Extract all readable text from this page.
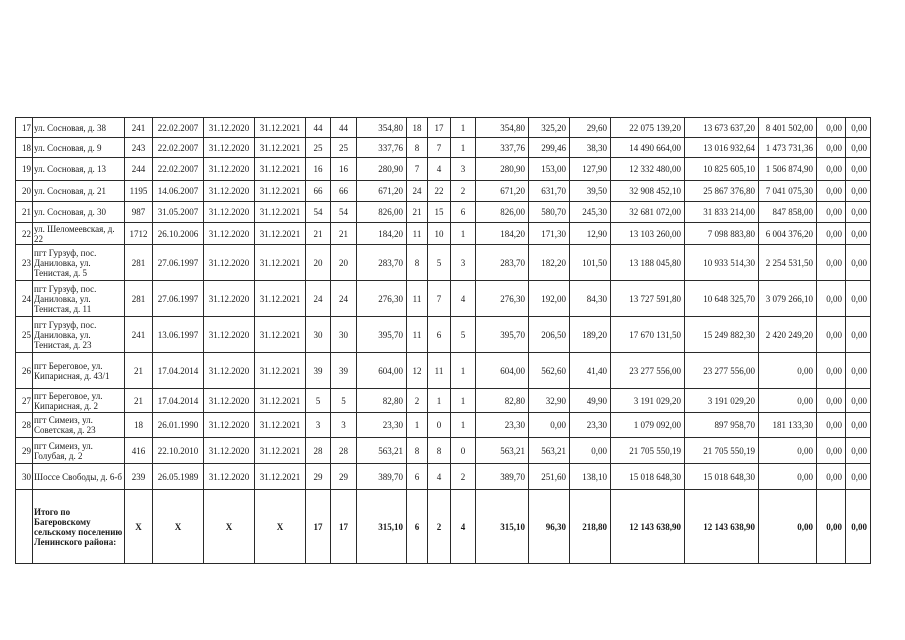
17	ул. Сосновая, д. 38	241	22.02.2007	31.12.2020	31.12.2021	44	44	354,80	18	17	1	354,80	325,20	29,60	22 075 139,20	13 673 637,20	8 401 502,00	0,00	0,00
18	ул. Сосновая, д. 9	243	22.02.2007	31.12.2020	31.12.2021	25	25	337,76	8	7	1	337,76	299,46	38,30	14 490 664,00	13 016 932,64	1 473 731,36	0,00	0,00
19	ул. Сосновая, д. 13	244	22.02.2007	31.12.2020	31.12.2021	16	16	280,90	7	4	3	280,90	153,00	127,90	12 332 480,00	10 825 605,10	1 506 874,90	0,00	0,00
20	ул. Сосновая, д. 21	1195	14.06.2007	31.12.2020	31.12.2021	66	66	671,20	24	22	2	671,20	631,70	39,50	32 908 452,10	25 867 376,80	7 041 075,30	0,00	0,00
21	ул. Сосновая, д. 30	987	31.05.2007	31.12.2020	31.12.2021	54	54	826,00	21	15	6	826,00	580,70	245,30	32 681 072,00	31 833 214,00	847 858,00	0,00	0,00
22	ул. Шеломеевская, д. 22	1712	26.10.2006	31.12.2020	31.12.2021	21	21	184,20	11	10	1	184,20	171,30	12,90	13 103 260,00	7 098 883,80	6 004 376,20	0,00	0,00
23	пгт Гурзуф, пос. Даниловка, ул. Тенистая, д. 5	281	27.06.1997	31.12.2020	31.12.2021	20	20	283,70	8	5	3	283,70	182,20	101,50	13 188 045,80	10 933 514,30	2 254 531,50	0,00	0,00
24	пгт Гурзуф, пос. Даниловка, ул. Тенистая, д. 11	281	27.06.1997	31.12.2020	31.12.2021	24	24	276,30	11	7	4	276,30	192,00	84,30	13 727 591,80	10 648 325,70	3 079 266,10	0,00	0,00
25	пгт Гурзуф, пос. Даниловка, ул. Тенистая, д. 23	241	13.06.1997	31.12.2020	31.12.2021	30	30	395,70	11	6	5	395,70	206,50	189,20	17 670 131,50	15 249 882,30	2 420 249,20	0,00	0,00
26	пгт Береговое, ул. Кипарисная, д. 43/1	21	17.04.2014	31.12.2020	31.12.2021	39	39	604,00	12	11	1	604,00	562,60	41,40	23 277 556,00	23 277 556,00	0,00	0,00	0,00
27	пгт Береговое, ул. Кипарисная, д. 2	21	17.04.2014	31.12.2020	31.12.2021	5	5	82,80	2	1	1	82,80	32,90	49,90	3 191 029,20	3 191 029,20	0,00	0,00	0,00
28	пгт Симеиз, ул. Советская, д. 23	18	26.01.1990	31.12.2020	31.12.2021	3	3	23,30	1	0	1	23,30	0,00	23,30	1 079 092,00	897 958,70	181 133,30	0,00	0,00
29	пгт Симеиз, ул. Голубая, д. 2	416	22.10.2010	31.12.2020	31.12.2021	28	28	563,21	8	8	0	563,21	563,21	0,00	21 705 550,19	21 705 550,19	0,00	0,00	0,00
30	Шоссе Свободы, д. 6-б	239	26.05.1989	31.12.2020	31.12.2021	29	29	389,70	6	4	2	389,70	251,60	138,10	15 018 648,30	15 018 648,30	0,00	0,00	0,00
	Итого по Багеровскому сельскому поселению Ленинского района:	X	X	X	X	17	17	315,10	6	2	4	315,10	96,30	218,80	12 143 638,90	12 143 638,90	0,00	0,00	0,00
